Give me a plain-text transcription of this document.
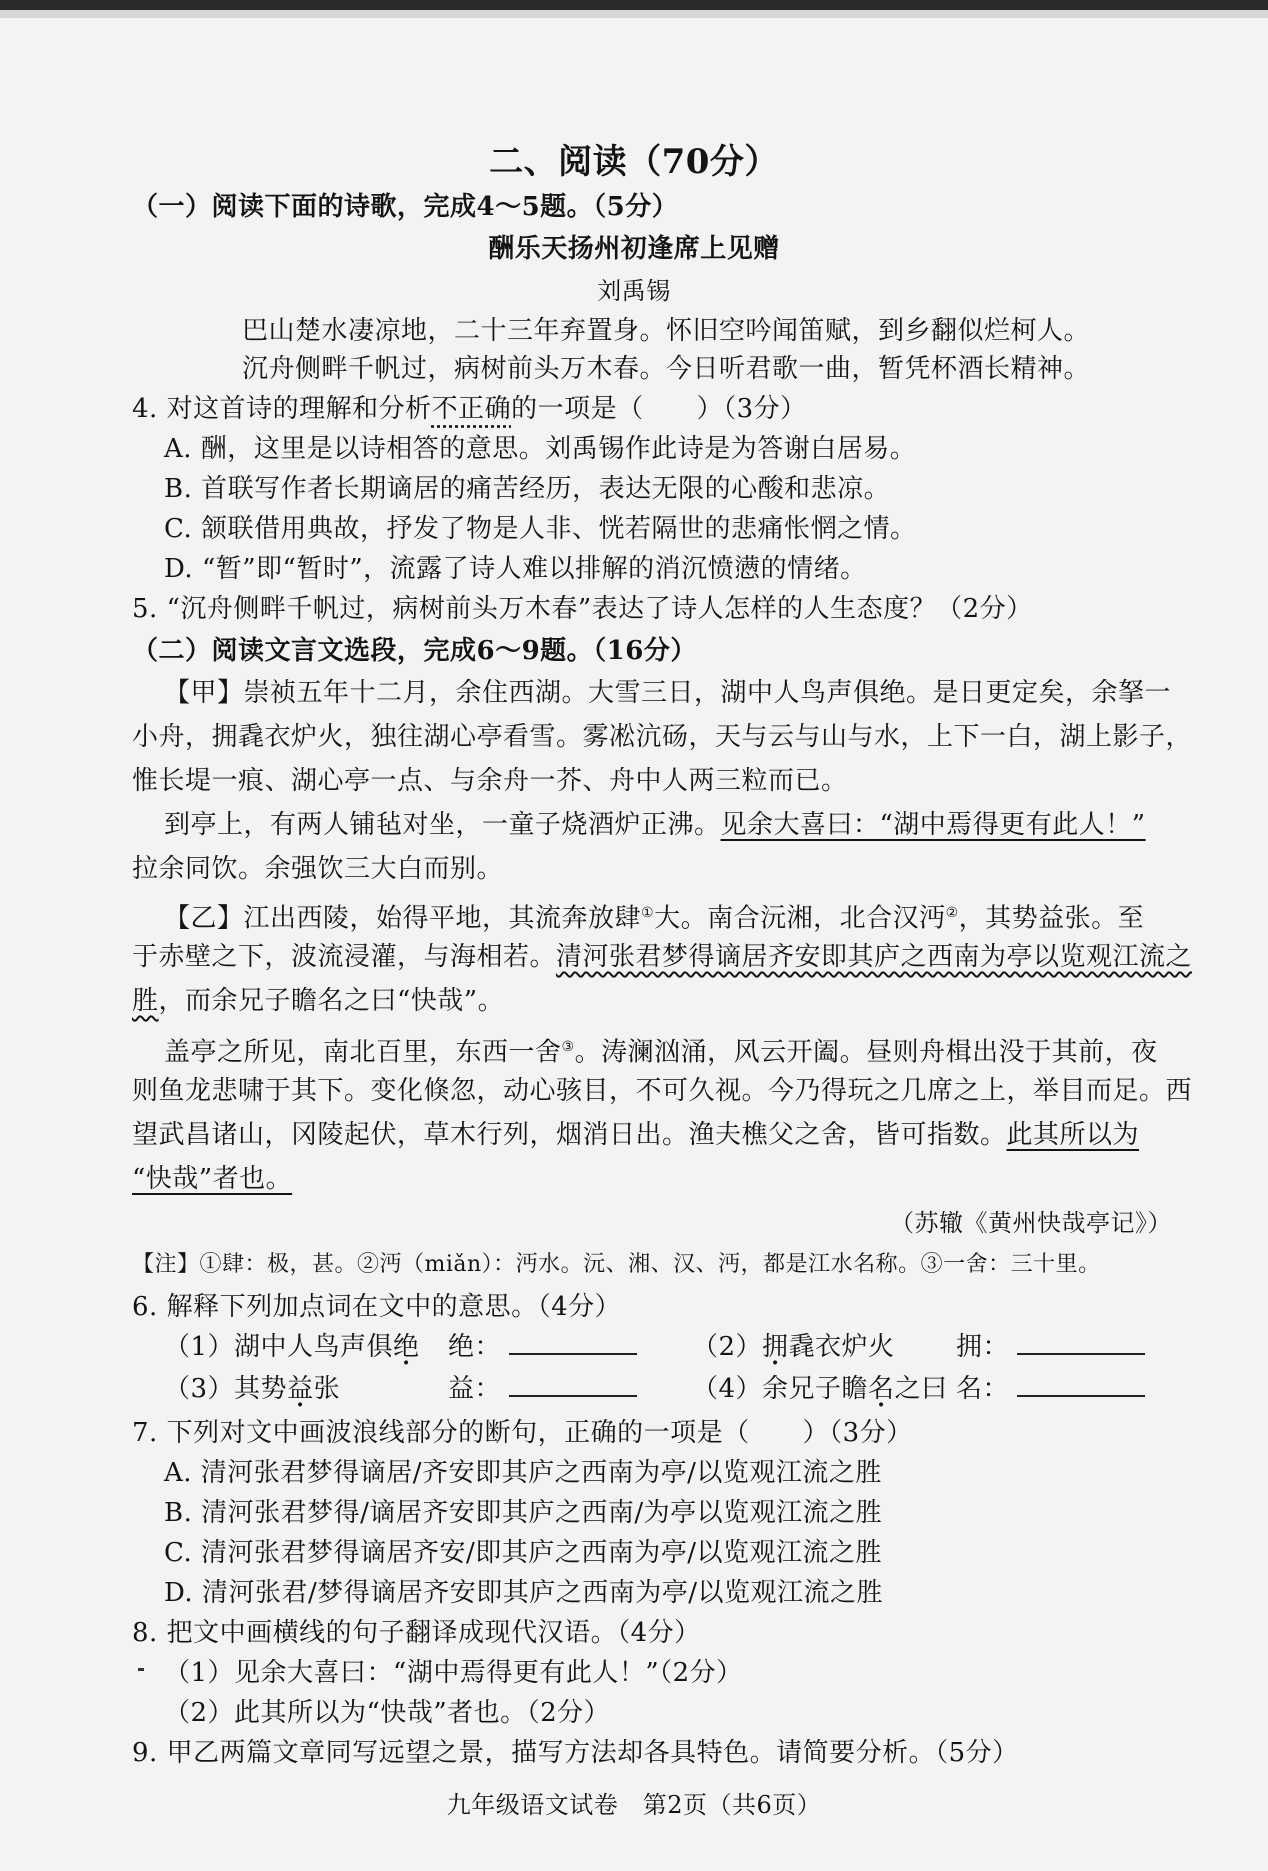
二、阅读（70分）
（一）阅读下面的诗歌，完成4～5题。（5分）
酬乐天扬州初逢席上见赠
刘禹锡
巴山楚水凄凉地，二十三年弃置身。怀旧空吟闻笛赋，到乡翻似烂柯人。
沉舟侧畔千帆过，病树前头万木春。今日听君歌一曲，暂凭杯酒长精神。
4. 对这首诗的理解和分析不正确的一项是（　　）（3分）
A. 酬，这里是以诗相答的意思。刘禹锡作此诗是为答谢白居易。
B. 首联写作者长期谪居的痛苦经历，表达无限的心酸和悲凉。
C. 颔联借用典故，抒发了物是人非、恍若隔世的悲痛怅惘之情。
D. “暂”即“暂时”，流露了诗人难以排解的消沉愤懑的情绪。
5. “沉舟侧畔千帆过，病树前头万木春”表达了诗人怎样的人生态度？（2分）
（二）阅读文言文选段，完成6～9题。（16分）
【甲】崇祯五年十二月，余住西湖。大雪三日，湖中人鸟声俱绝。是日更定矣，余拏一
小舟，拥毳衣炉火，独往湖心亭看雪。雾凇沆砀，天与云与山与水，上下一白，湖上影子，
惟长堤一痕、湖心亭一点、与余舟一芥、舟中人两三粒而已。
到亭上，有两人铺毡对坐，一童子烧酒炉正沸。见余大喜曰：“湖中焉得更有此人！”
拉余同饮。余强饮三大白而别。
【乙】江出西陵，始得平地，其流奔放肆①大。南合沅湘，北合汉沔②，其势益张。至
于赤壁之下，波流浸灌，与海相若。清河张君梦得谪居齐安即其庐之西南为亭以览观江流之
胜，而余兄子瞻名之曰“快哉”。
盖亭之所见，南北百里，东西一舍③。涛澜汹涌，风云开阖。昼则舟楫出没于其前，夜
则鱼龙悲啸于其下。变化倏忽，动心骇目，不可久视。今乃得玩之几席之上，举目而足。西
望武昌诸山，冈陵起伏，草木行列，烟消日出。渔夫樵父之舍，皆可指数。此其所以为
“快哉”者也。
（苏辙《黄州快哉亭记》）
【注】①肆：极，甚。②沔（miǎn）：沔水。沅、湘、汉、沔，都是江水名称。③一舍：三十里。
6. 解释下列加点词在文中的意思。（4分）
（1）湖中人鸟声俱绝 绝：	（2）拥毳衣炉火 拥：
（3）其势益张	益：	（4）余兄子瞻名之曰 名：
7. 下列对文中画波浪线部分的断句，正确的一项是（　　）（3分）
A. 清河张君梦得谪居/齐安即其庐之西南为亭/以览观江流之胜
B. 清河张君梦得/谪居齐安即其庐之西南/为亭以览观江流之胜
C. 清河张君梦得谪居齐安/即其庐之西南为亭/以览观江流之胜
D. 清河张君/梦得谪居齐安即其庐之西南为亭/以览观江流之胜
8. 把文中画横线的句子翻译成现代汉语。（4分）
（1）见余大喜曰：“湖中焉得更有此人！”（2分）
（2）此其所以为“快哉”者也。（2分）
9. 甲乙两篇文章同写远望之景，描写方法却各具特色。请简要分析。（5分）
九年级语文试卷　第2页（共6页）
